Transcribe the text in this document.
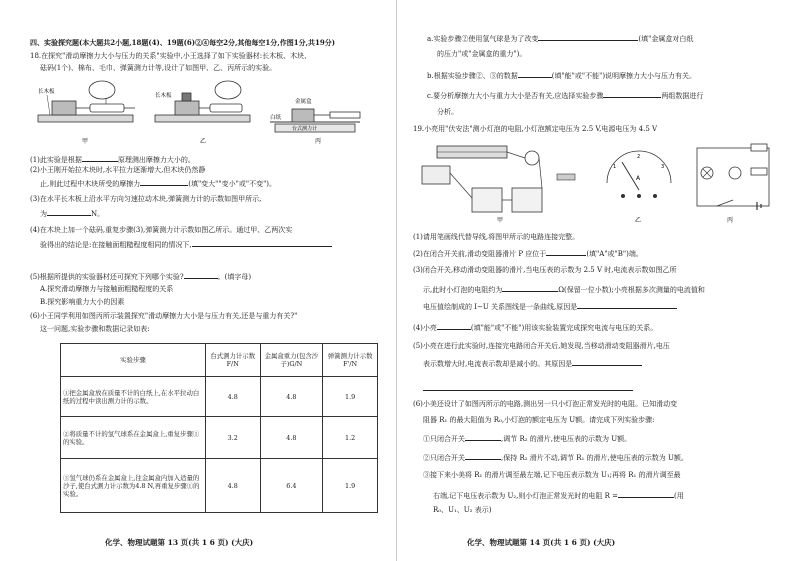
四、实验探究题(本大题共2小题,18题(4)、19题(6)②④每空2分,其他每空1分,作图1分,共19分)
18.在探究"滑动摩擦力大小与压力的关系"实验中,小王选择了如下实验器材:长木板、木块、
砝码(1个)、棉布、毛巾、弹簧测力计等,设计了如图甲、乙、丙所示的实验。
长木板
甲
长木板
乙
金属盒
白纸
台式测力计
丙
(1)此实验是根据	原理测出摩擦力大小的。
(2)小王刚开始拉木块时,水平拉力逐渐增大,但木块仍然静
止,则此过程中木块所受的摩擦力	(填"变大""变小"或"不变")。
(3)在水平长木板上沿水平方向匀速拉动木块,弹簧测力计的示数如图甲所示,
为	N。
(4)在木块上加一个砝码,重复步骤(3),弹簧测力计示数如图乙所示。通过甲、乙两次实
验得出的结论是:在接触面粗糙程度相同的情况下,
(5)根据所提供的实验器材还可探究下列哪个实验?	。(填字母)
A.探究滑动摩擦力与接触面粗糙程度的关系
B.探究影响重力大小的因素
(6)小王同学利用如图丙所示装置探究"滑动摩擦力大小是与压力有关,还是与重力有关?"
这一问题,实验步骤和数据记录如表:
实验步骤	台式测力计示数 F/N	金属盒重力(包含沙子)G/N	弹簧测力计示数 F'/N
①把金属盒放在质量不计的白纸上,在水平拉动白纸的过程中读出测力计的示数。	4.8	4.8	1.9
②将质量不计的氢气球系在金属盒上,重复步骤①的实验。	3.2	4.8	1.2
③氢气球仍系在金属盒上,往金属盒内加入适量的沙子,使台式测力计示数为4.8 N,再重复步骤①的实验。	4.8	6.4	1.9
化学、物理试题第 13 页(共 1 6 页) (大庆)
a.实验步骤②使用氢气球是为了改变	(填"金属盒对白纸
的压力"或"金属盒的重力")。
b.根据实验步骤②、③的数据	(填"能"或"不能")说明摩擦力大小与压力有关。
c.要分析摩擦力大小与重力大小是否有关,应选择实验步骤	两组数据进行
分析。
19.小亮用"伏安法"测小灯泡的电阻,小灯泡额定电压为 2.5 V,电源电压为 4.5 V
甲
1
2
3
A
乙	丙
(1)请用笔画线代替导线,将图甲所示的电路连接完整。
(2)在闭合开关前,滑动变阻器滑片 P 应位于	(填"A"或"B")端。
(3)闭合开关,移动滑动变阻器的滑片,当电压表的示数为 2.5 V 时,电流表示数如图乙所
示,此时小灯泡的电阻约为	Ω(保留一位小数);小亮根据多次测量的电流值和
电压值绘制成的 I−U 关系图线是一条曲线,原因是
(4)小亮	(填"能"或"不能")用该实验装置完成探究电流与电压的关系。
(5)小亮在进行此实验时,连接完电路闭合开关后,她发现,当移动滑动变阻器滑片,电压
表示数增大时,电流表示数却是减小的。其原因是
(6)小美还设计了如图丙所示的电路,测出另一只小灯泡正常发光时的电阻。已知滑动变
阻器 R₁ 的最大阻值为 R₀,小灯泡的额定电压为 U额。请完成下列实验步骤:
①只闭合开关	,调节 R₂ 的滑片,使电压表的示数为 U额。
②只闭合开关	,保持 R₂ 滑片不动,调节 R₁ 的滑片,使电压表的示数为 U额。
③接下来小美将 R₁ 的滑片调至最左端,记下电压表示数为 U₁;再将 R₁ 的滑片调至最
右端,记下电压表示数为 U₂,则小灯泡正常发光时的电阻 R =	(用
R₀、U₁、U₂ 表示)
化学、物理试题第 14 页(共 1 6 页) (大庆)
